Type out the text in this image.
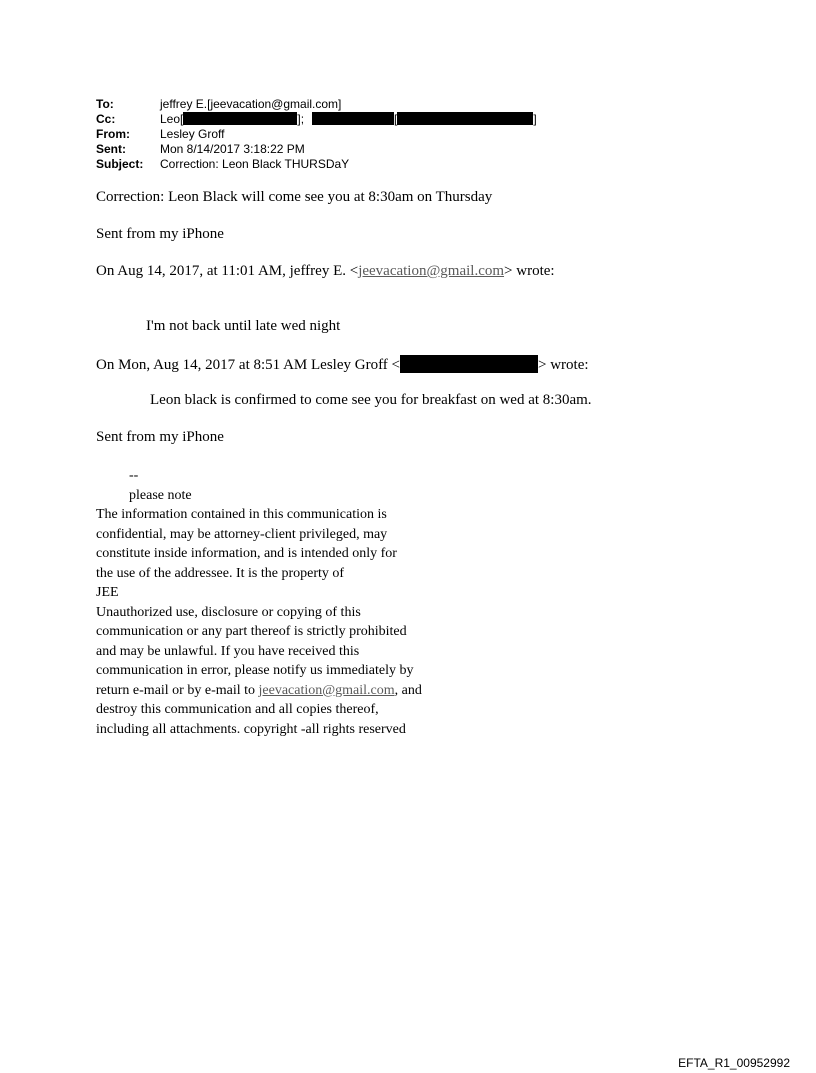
To:	jeffrey E.[jeevacation@gmail.com]
Cc:	Leo[	];	[	]
From:	Lesley Groff
Sent:	Mon 8/14/2017 3:18:22 PM
Subject:	Correction: Leon Black THURSDaY
Correction: Leon Black will come see you at 8:30am on Thursday
Sent from my iPhone
On Aug 14, 2017, at 11:01 AM, jeffrey E. <jeevacation@gmail.com> wrote:
I'm not back until late wed night
On Mon, Aug 14, 2017 at 8:51 AM Lesley Groff <	> wrote:
Leon black is confirmed to come see you for breakfast on wed at 8:30am.
Sent from my iPhone
--
please note
The information contained in this communication is
confidential, may be attorney-client privileged, may
constitute inside information, and is intended only for
the use of the addressee. It is the property of
JEE
Unauthorized use, disclosure or copying of this
communication or any part thereof is strictly prohibited
and may be unlawful. If you have received this
communication in error, please notify us immediately by
return e-mail or by e-mail to jeevacation@gmail.com, and
destroy this communication and all copies thereof,
including all attachments. copyright -all rights reserved
EFTA_R1_00952992
